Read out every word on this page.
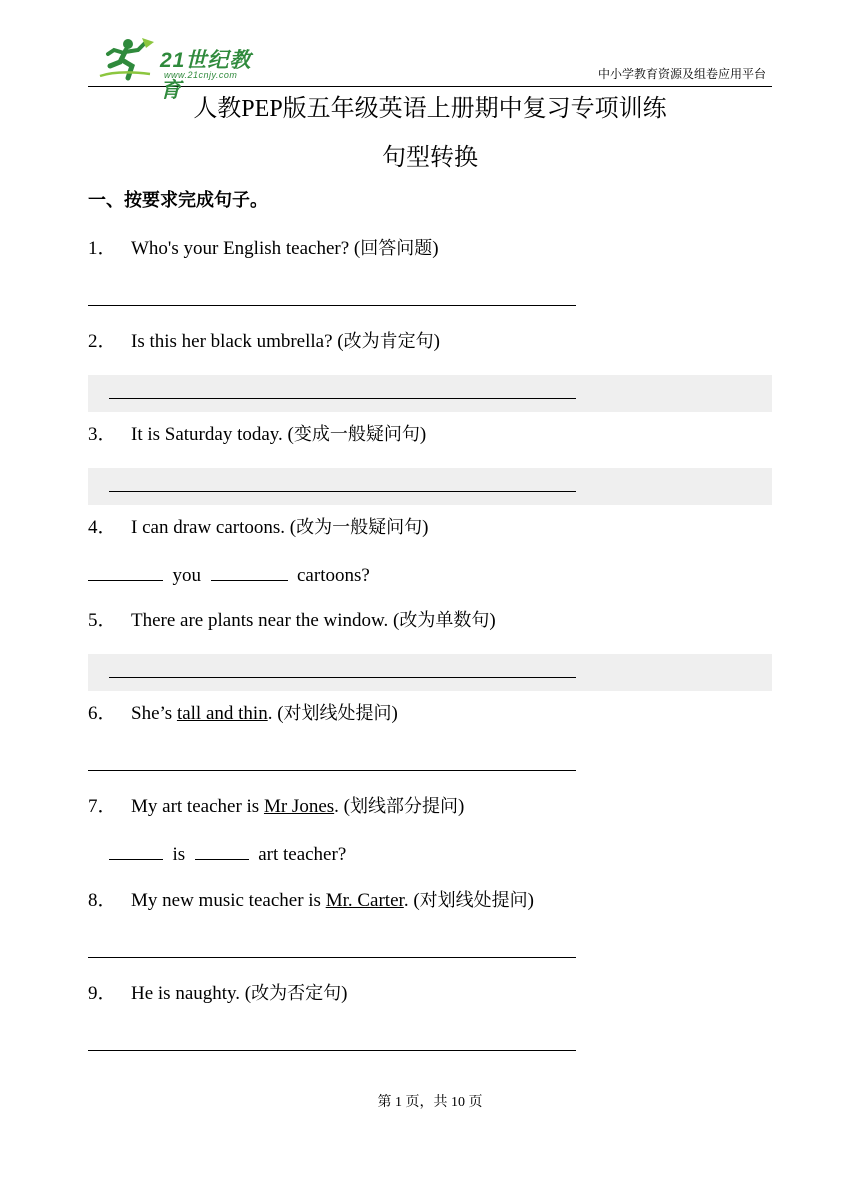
21世纪教育
www.21cnjy.com	中小学教育资源及组卷应用平台
人教PEP版五年级英语上册期中复习专项训练
句型转换
一、按要求完成句子。
1． Who's your English teacher? (回答问题)
2． Is this her black umbrella? (改为肯定句)
3． It is Saturday today. (变成一般疑问句)
4． I can draw cartoons. (改为一般疑问句)
you	cartoons?
5． There are plants near the window. (改为单数句)
6． She’s tall and thin. (对划线处提问)
7． My art teacher is Mr Jones. (划线部分提问)
is	art teacher?
8． My new music teacher is Mr. Carter. (对划线处提问)
9． He is naughty. (改为否定句)
第 1 页，共 10 页
